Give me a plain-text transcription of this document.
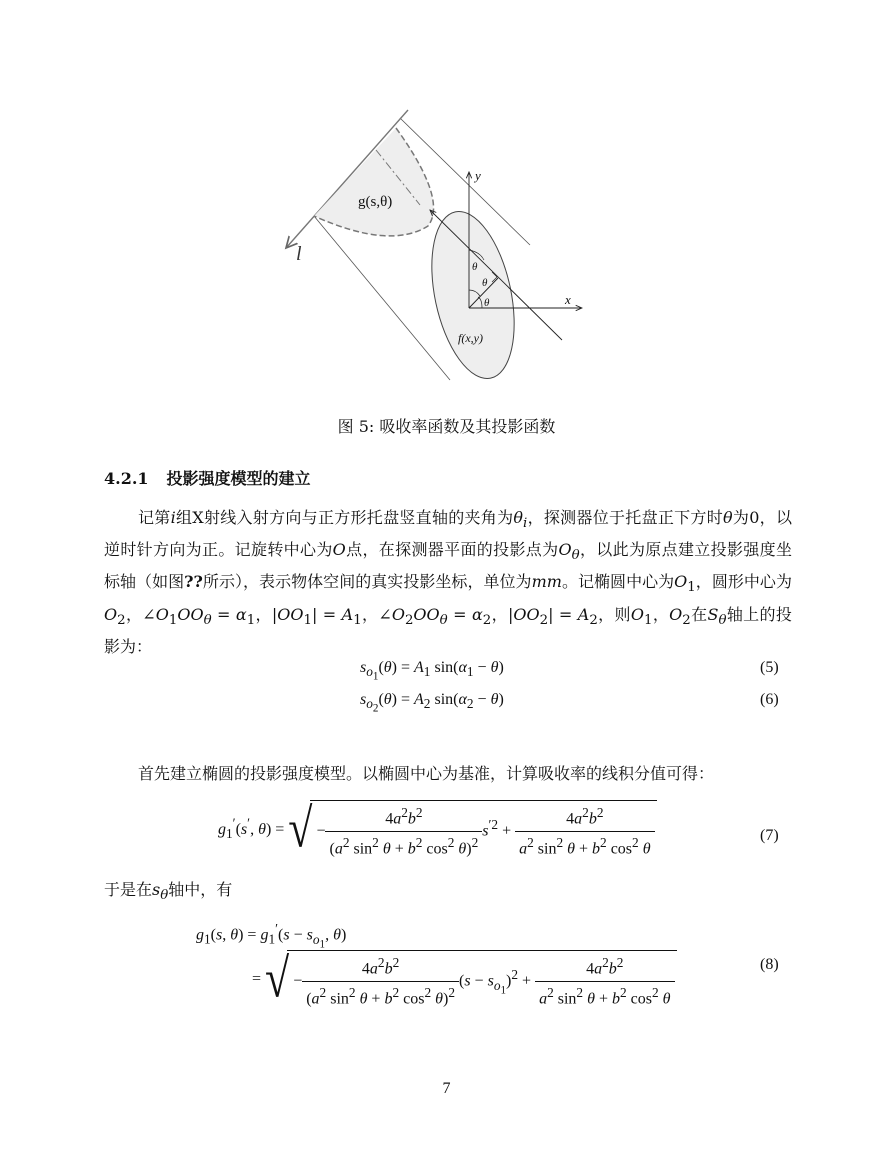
g(s,θ)
l
y
x
θ
θ
θ
f(x,y)
图 5: 吸收率函数及其投影函数
4.2.1 投影强度模型的建立
记第i组X射线入射方向与正方形托盘竖直轴的夹角为$\theta_i$，探测器位于托盘正下方时θ为0，以逆时针方向为正。记旋转中心为O点，在探测器平面的投影点为$O_\theta$，以此为原点建立投影强度坐标轴（如图??所示），表示物体空间的真实投影坐标，单位为mm。记椭圆中心为$O_1$，圆形中心为$O_2$，$\angle O_1OO_\theta = \alpha_1$，$|OO_1| = A_1$，$\angle O_2OO_\theta = \alpha_2$，$|OO_2| = A_2$，则$O_1$，$O_2$在$S_\theta$轴上的投影为：
$s_{o_1}(\theta) = A_1$ $\sin(\alpha_1 - \theta)$	(5)
$s_{o_2}(\theta) = A_2$ $\sin(\alpha_2 - \theta)$	(6)
首先建立椭圆的投影强度模型。以椭圆中心为基准，计算吸收率的线积分值可得：
$g_1'(s'$, θ) = √ − $\frac{4a^2b^2}{(a^2 \sin^2 \theta + b^2 \cos^2 \theta)^2} s^{'2} + \frac{4a^2b^2}{a^2 \sin^2 \theta + b^2 \cos^2 \theta}$	(7)
于是在$s_\theta$轴中，有
$g_1(s$, $\theta) = g_1'(s - s_{o_1}$, θ)
= √ − $\frac{4a^2b^2}{(a^2 \sin^2 \theta + b^2 \cos^2 \theta)^2} (s - s_{o_1})^2 + \frac{4a^2b^2}{a^2 \sin^2 \theta + b^2 \cos^2 \theta}$	(8)
7
